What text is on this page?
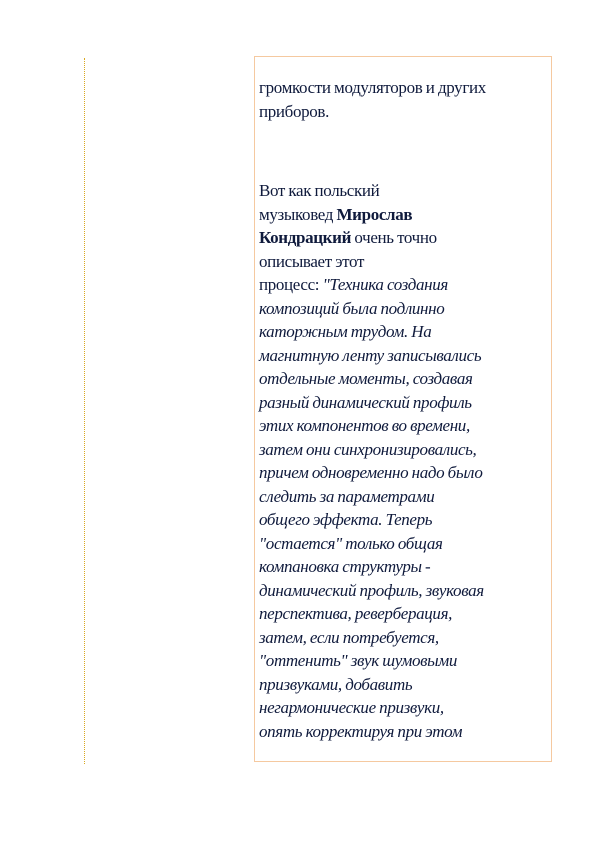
громкости модуляторов и других
приборов.
Вот как польский
музыковед Мирослав
Кондрацкий очень точно
описывает этот
процесс: "Техника создания
композиций была подлинно
каторжным трудом. На
магнитную ленту записывались
отдельные моменты, создавая
разный динамический профиль
этих компонентов во времени,
затем они синхронизировались,
причем одновременно надо было
следить за параметрами
общего эффекта. Теперь
"остается" только общая
компановка структуры -
динамический профиль, звуковая
перспектива, реверберация,
затем, если потребуется,
"оттенить" звук шумовыми
призвуками, добавить
негармонические призвуки,
опять корректируя при этом
